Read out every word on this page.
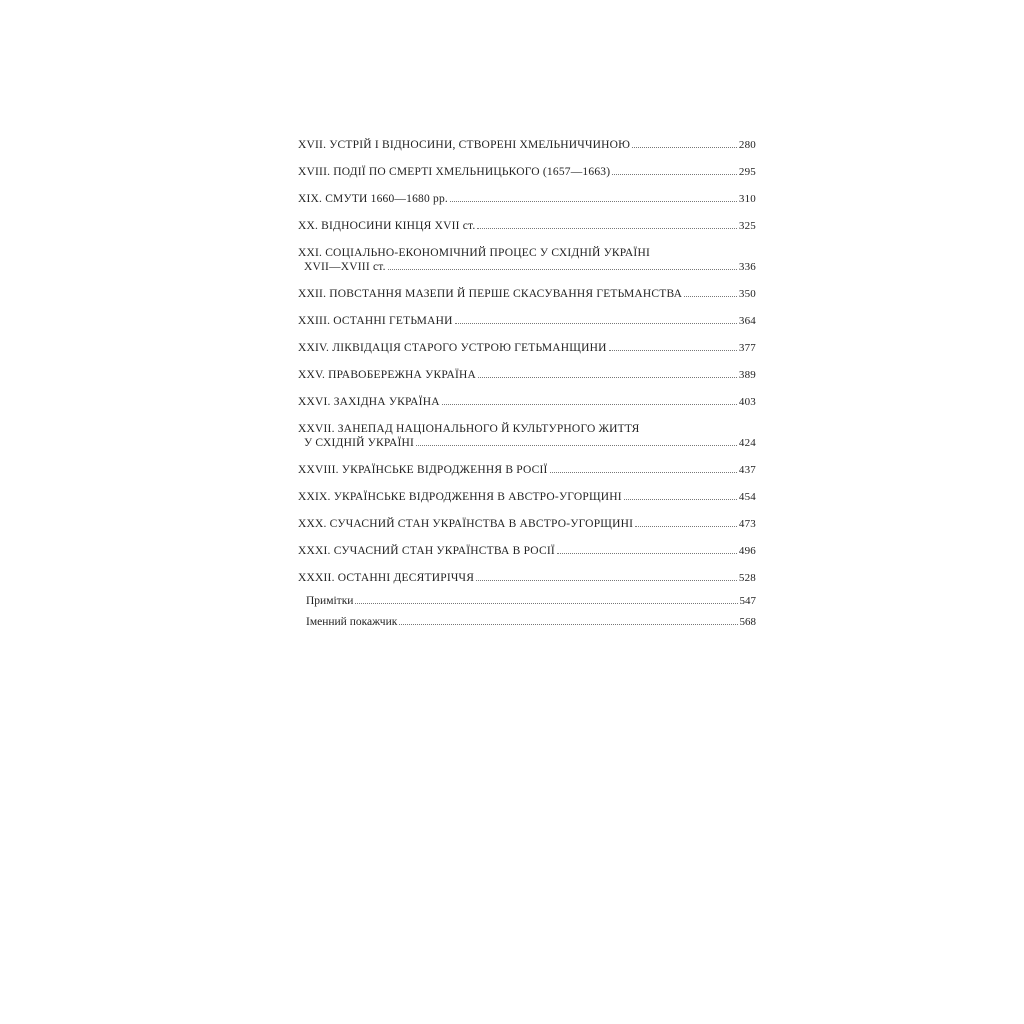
XVII. УСТРІЙ І ВІДНОСИНИ, СТВОРЕНІ ХМЕЛЬНИЧЧИНОЮ	280
XVIII. ПОДІЇ ПО СМЕРТІ ХМЕЛЬНИЦЬКОГО (1657—1663)	295
XIX. СМУТИ 1660—1680 рр.	310
XX. ВІДНОСИНИ КІНЦЯ XVII ст.	325
XXI. СОЦІАЛЬНО-ЕКОНОМІЧНИЙ ПРОЦЕС У СХІДНІЙ УКРАЇНІ
XVII—XVIII ст.	336
XXII. ПОВСТАННЯ МАЗЕПИ Й ПЕРШЕ СКАСУВАННЯ ГЕТЬМАНСТВА	350
XXIII. ОСТАННІ ГЕТЬМАНИ	364
XXIV. ЛІКВІДАЦІЯ СТАРОГО УСТРОЮ ГЕТЬМАНЩИНИ	377
XXV. ПРАВОБЕРЕЖНА УКРАЇНА	389
XXVI. ЗАХІДНА УКРАЇНА	403
XXVII. ЗАНЕПАД НАЦІОНАЛЬНОГО Й КУЛЬТУРНОГО ЖИТТЯ
У СХІДНІЙ УКРАЇНІ	424
XXVIII. УКРАЇНСЬКЕ ВІДРОДЖЕННЯ В РОСІЇ	437
XXIX. УКРАЇНСЬКЕ ВІДРОДЖЕННЯ В АВСТРО-УГОРЩИНІ	454
XXX. СУЧАСНИЙ СТАН УКРАЇНСТВА В АВСТРО-УГОРЩИНІ	473
XXXI. СУЧАСНИЙ СТАН УКРАЇНСТВА В РОСІЇ	496
XXXII. ОСТАННІ ДЕСЯТИРІЧЧЯ	528
Примітки	547
Іменний покажчик	568
